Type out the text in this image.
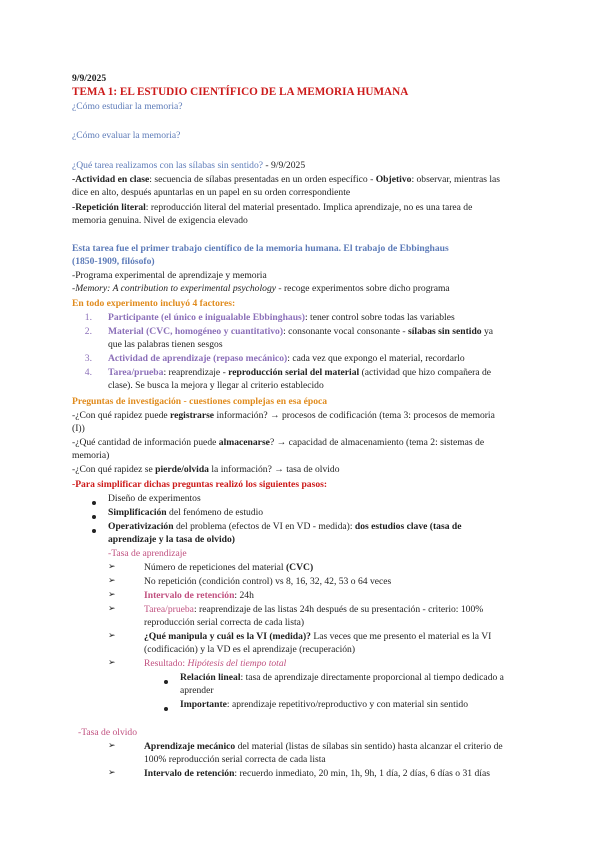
9/9/2025
TEMA 1: EL ESTUDIO CIENTÍFICO DE LA MEMORIA HUMANA
¿Cómo estudiar la memoria?
¿Cómo evaluar la memoria?
¿Qué tarea realizamos con las sílabas sin sentido? - 9/9/2025
-Actividad en clase: secuencia de sílabas presentadas en un orden específico - Objetivo: observar, mientras las
dice en alto, después apuntarlas en un papel en su orden correspondiente
-Repetición literal: reproducción literal del material presentado. Implica aprendizaje, no es una tarea de
memoria genuina. Nivel de exigencia elevado
Esta tarea fue el primer trabajo científico de la memoria humana. El trabajo de Ebbinghaus
(1850-1909, filósofo)
-Programa experimental de aprendizaje y memoria
-Memory: A contribution to experimental psychology - recoge experimentos sobre dicho programa
En todo experimento incluyó 4 factores:
1. Participante (el único e inigualable Ebbinghaus): tener control sobre todas las variables
2. Material (CVC, homogéneo y cuantitativo): consonante vocal consonante - sílabas sin sentido ya
que las palabras tienen sesgos
3. Actividad de aprendizaje (repaso mecánico): cada vez que expongo el material, recordarlo
4. Tarea/prueba: reaprendizaje - reproducción serial del material (actividad que hizo compañera de
clase). Se busca la mejora y llegar al criterio establecido
Preguntas de investigación - cuestiones complejas en esa época
-¿Con qué rapidez puede registrarse información? → procesos de codificación (tema 3: procesos de memoria
(I))
-¿Qué cantidad de información puede almacenarse? → capacidad de almacenamiento (tema 2: sistemas de
memoria)
-¿Con qué rapidez se pierde/olvida la información? → tasa de olvido
-Para simplificar dichas preguntas realizó los siguientes pasos:
Diseño de experimentos
Simplificación del fenómeno de estudio
Operativización del problema (efectos de VI en VD - medida): dos estudios clave (tasa de
aprendizaje y la tasa de olvido)
-Tasa de aprendizaje
➢	Número de repeticiones del material (CVC)
➢	No repetición (condición control) vs 8, 16, 32, 42, 53 o 64 veces
➢	Intervalo de retención: 24h
➢	Tarea/prueba: reaprendizaje de las listas 24h después de su presentación - criterio: 100%
reproducción serial correcta de cada lista)
➢	¿Qué manipula y cuál es la VI (medida)? Las veces que me presento el material es la VI
(codificación) y la VD es el aprendizaje (recuperación)
➢	Resultado: Hipótesis del tiempo total
Relación lineal: tasa de aprendizaje directamente proporcional al tiempo dedicado a
aprender
Importante: aprendizaje repetitivo/reproductivo y con material sin sentido
-Tasa de olvido
➢	Aprendizaje mecánico del material (listas de sílabas sin sentido) hasta alcanzar el criterio de
100% reproducción serial correcta de cada lista
➢	Intervalo de retención: recuerdo inmediato, 20 min, 1h, 9h, 1 día, 2 días, 6 días o 31 días
